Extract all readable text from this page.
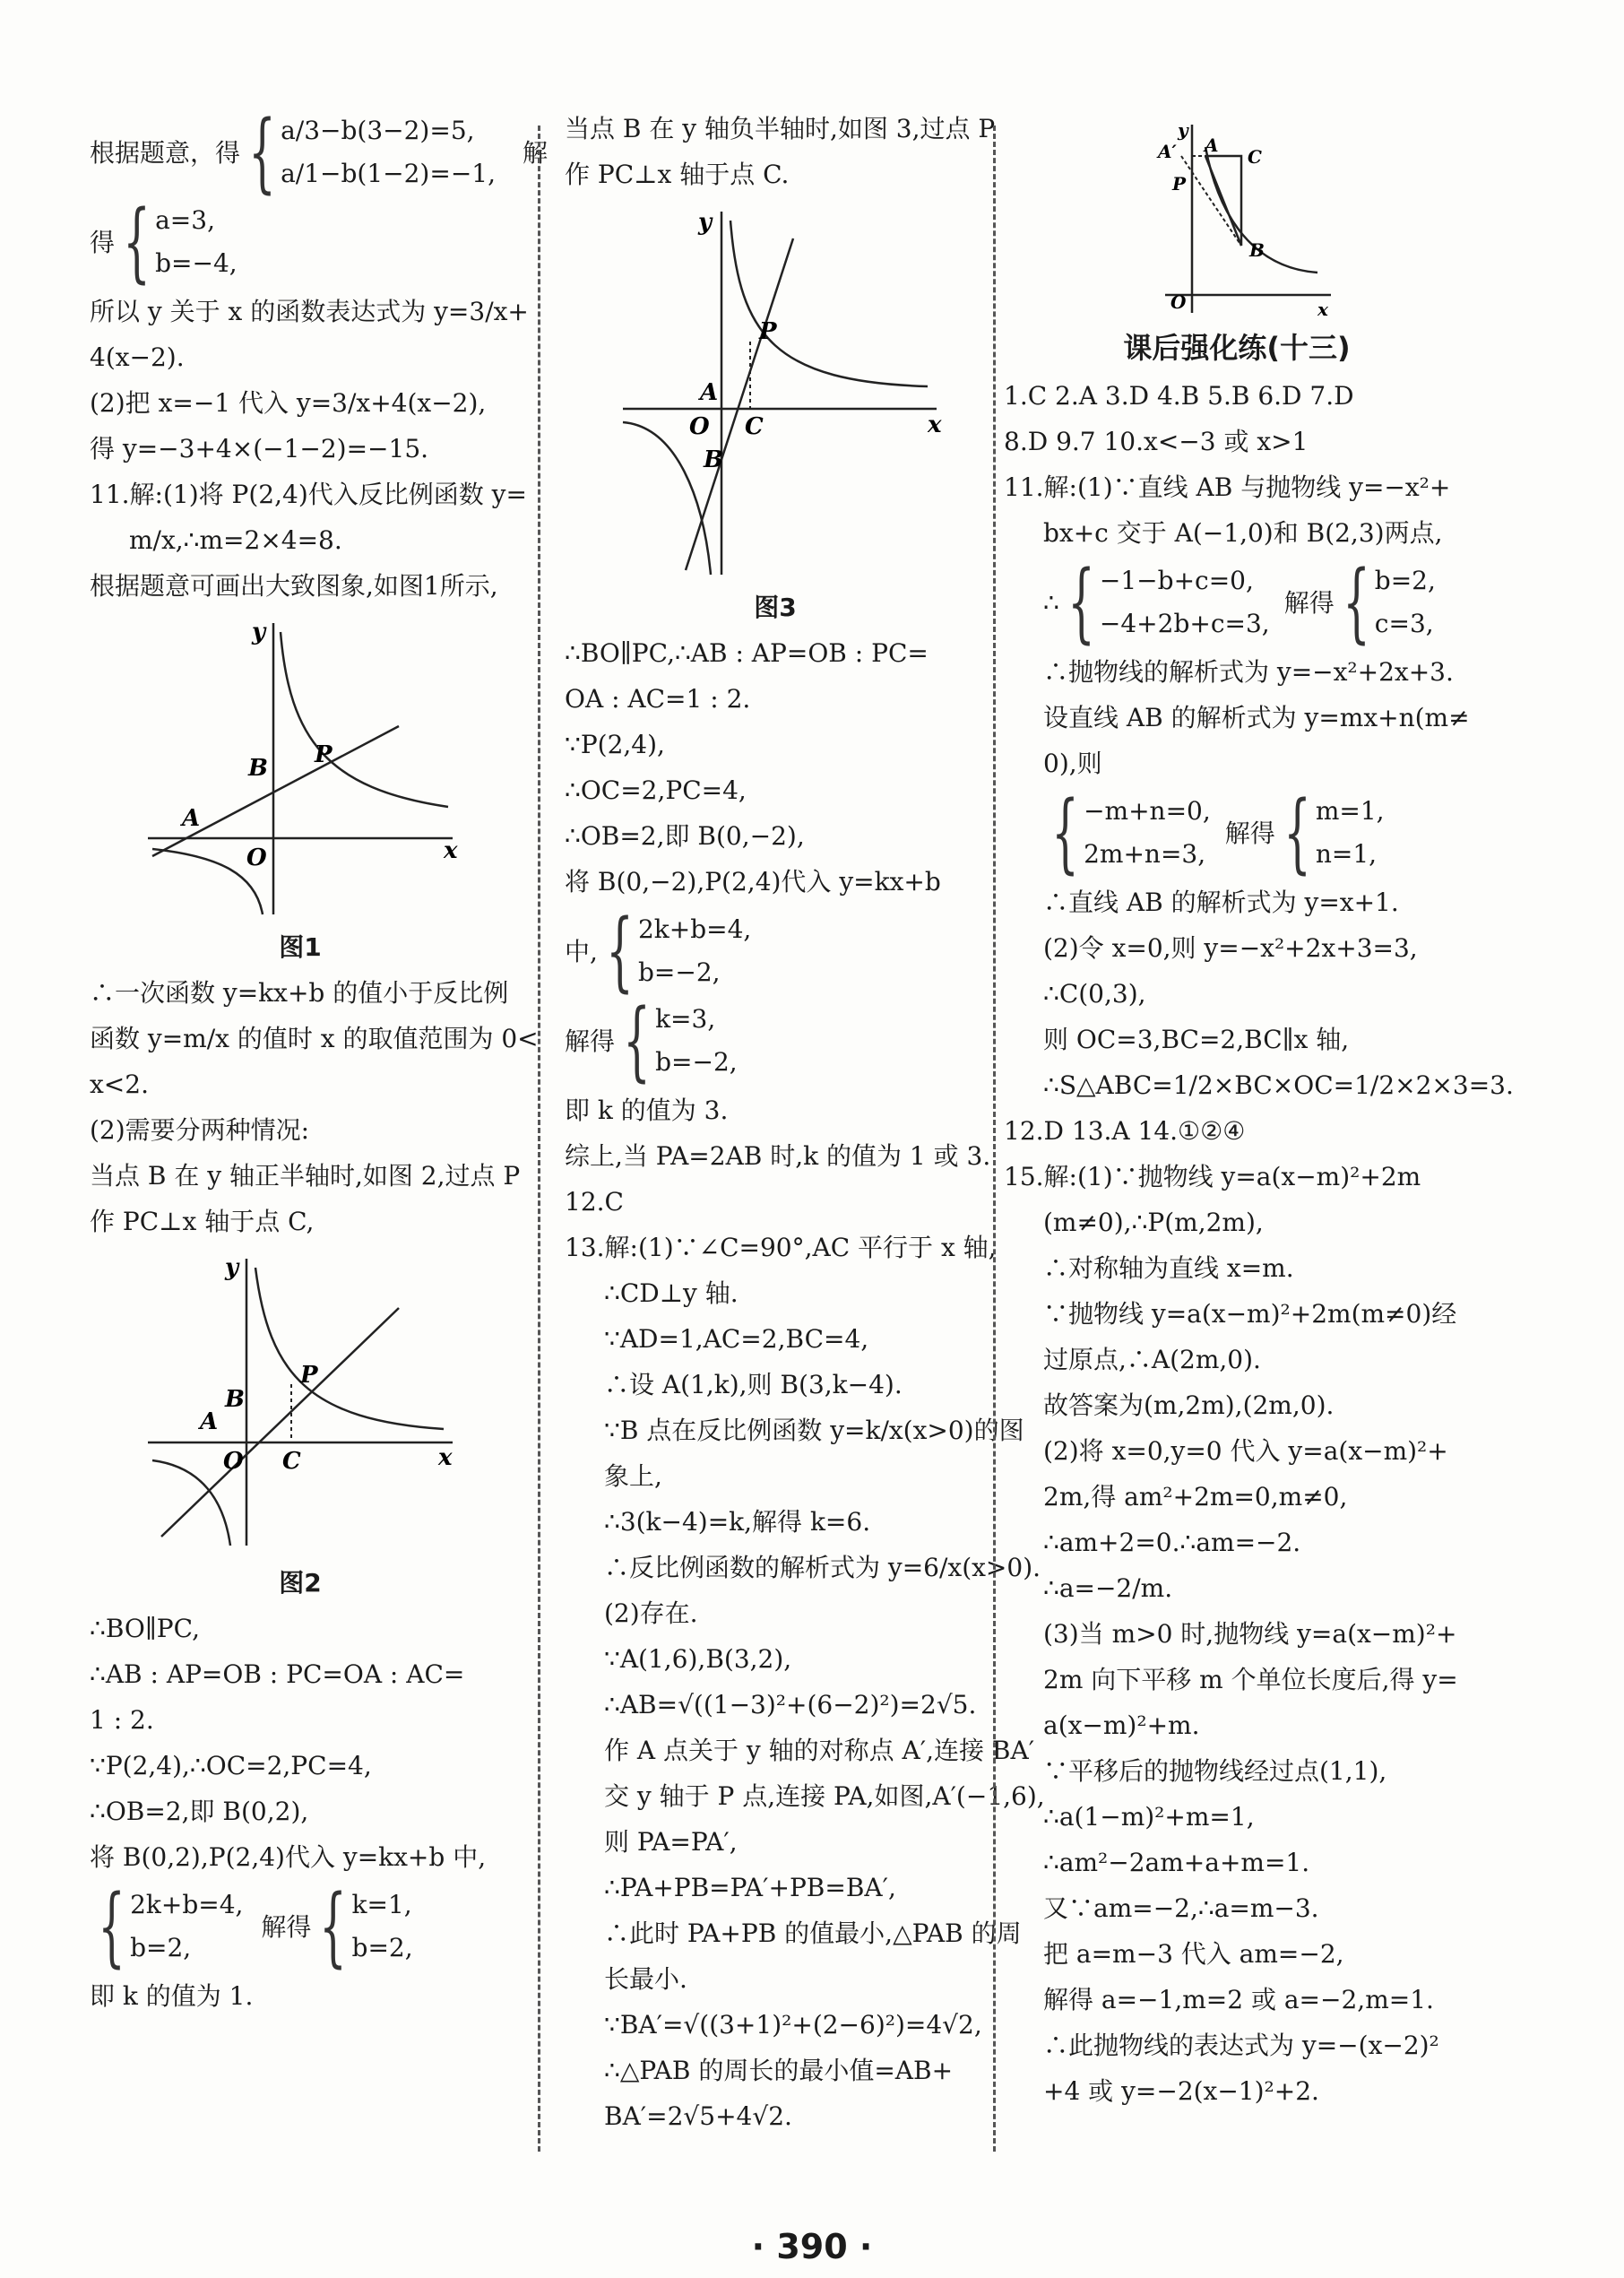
根据题意，得 { a/3−b(3−2)=5,
a/1−b(1−2)=−1,
解
得 { a=3,
b=−4,
所以 y 关于 x 的函数表达式为 y=3/x+
4(x−2).
(2)把 x=−1 代入 y=3/x+4(x−2),
得 y=−3+4×(−1−2)=−15.
11.解:(1)将 P(2,4)代入反比例函数 y=
m/x,∴m=2×4=8.
根据题意可画出大致图象,如图1所示,
x
y
O
A
B P
图1
∴一次函数 y=kx+b 的值小于反比例
函数 y=m/x 的值时 x 的取值范围为 0<
x<2.
(2)需要分两种情况:
当点 B 在 y 轴正半轴时,如图 2,过点 P
作 PC⊥x 轴于点 C,
x
y
O C
A
B
P
图2
∴BO∥PC,
∴AB : AP=OB : PC=OA : AC=
1 : 2.
∵P(2,4),∴OC=2,PC=4,
∴OB=2,即 B(0,2),
将 B(0,2),P(2,4)代入 y=kx+b 中,
{ 2k+b=4,
b=2,
解得 { k=1,
b=2,
即 k 的值为 1.
当点 B 在 y 轴负半轴时,如图 3,过点 P
作 PC⊥x 轴于点 C.
x
y
O C
A
B
P
图3
∴BO∥PC,∴AB : AP=OB : PC=
OA : AC=1 : 2.
∵P(2,4),
∴OC=2,PC=4,
∴OB=2,即 B(0,−2),
将 B(0,−2),P(2,4)代入 y=kx+b
中, { 2k+b=4,
b=−2,
解得 { k=3,
b=−2,
即 k 的值为 3.
综上,当 PA=2AB 时,k 的值为 1 或 3.
12.C
13.解:(1)∵∠C=90°,AC 平行于 x 轴,
∴CD⊥y 轴.
∵AD=1,AC=2,BC=4,
∴设 A(1,k),则 B(3,k−4).
∵B 点在反比例函数 y=k/x(x>0)的图
象上,
∴3(k−4)=k,解得 k=6.
∴反比例函数的解析式为 y=6/x(x>0).
(2)存在.
∵A(1,6),B(3,2),
∴AB=√((1−3)²+(6−2)²)=2√5.
作 A 点关于 y 轴的对称点 A′,连接 BA′
交 y 轴于 P 点,连接 PA,如图,A′(−1,6),
则 PA=PA′,
∴PA+PB=PA′+PB=BA′,
∴此时 PA+PB 的值最小,△PAB 的周
长最小.
∵BA′=√((3+1)²+(2−6)²)=4√2,
∴△PAB 的周长的最小值=AB+
BA′=2√5+4√2.
x
y
O
A′ A
C
B
P
课后强化练(十三)
1.C 2.A 3.D 4.B 5.B 6.D 7.D
8.D 9.7 10.x<−3 或 x>1
11.解:(1)∵直线 AB 与抛物线 y=−x²+
bx+c 交于 A(−1,0)和 B(2,3)两点,
∴ { −1−b+c=0,
−4+2b+c=3,
解得 { b=2,
c=3,
∴抛物线的解析式为 y=−x²+2x+3.
设直线 AB 的解析式为 y=mx+n(m≠
0),则
{ −m+n=0,
2m+n=3,
解得 { m=1,
n=1,
∴直线 AB 的解析式为 y=x+1.
(2)令 x=0,则 y=−x²+2x+3=3,
∴C(0,3),
则 OC=3,BC=2,BC∥x 轴,
∴S△ABC=1/2×BC×OC=1/2×2×3=3.
12.D 13.A 14.①②④
15.解:(1)∵抛物线 y=a(x−m)²+2m
(m≠0),∴P(m,2m),
∴对称轴为直线 x=m.
∵抛物线 y=a(x−m)²+2m(m≠0)经
过原点,∴A(2m,0).
故答案为(m,2m),(2m,0).
(2)将 x=0,y=0 代入 y=a(x−m)²+
2m,得 am²+2m=0,m≠0,
∴am+2=0.∴am=−2.
∴a=−2/m.
(3)当 m>0 时,抛物线 y=a(x−m)²+
2m 向下平移 m 个单位长度后,得 y=
a(x−m)²+m.
∵平移后的抛物线经过点(1,1),
∴a(1−m)²+m=1,
∴am²−2am+a+m=1.
又∵am=−2,∴a=m−3.
把 a=m−3 代入 am=−2,
解得 a=−1,m=2 或 a=−2,m=1.
∴此抛物线的表达式为 y=−(x−2)²
+4 或 y=−2(x−1)²+2.
· 390 ·
